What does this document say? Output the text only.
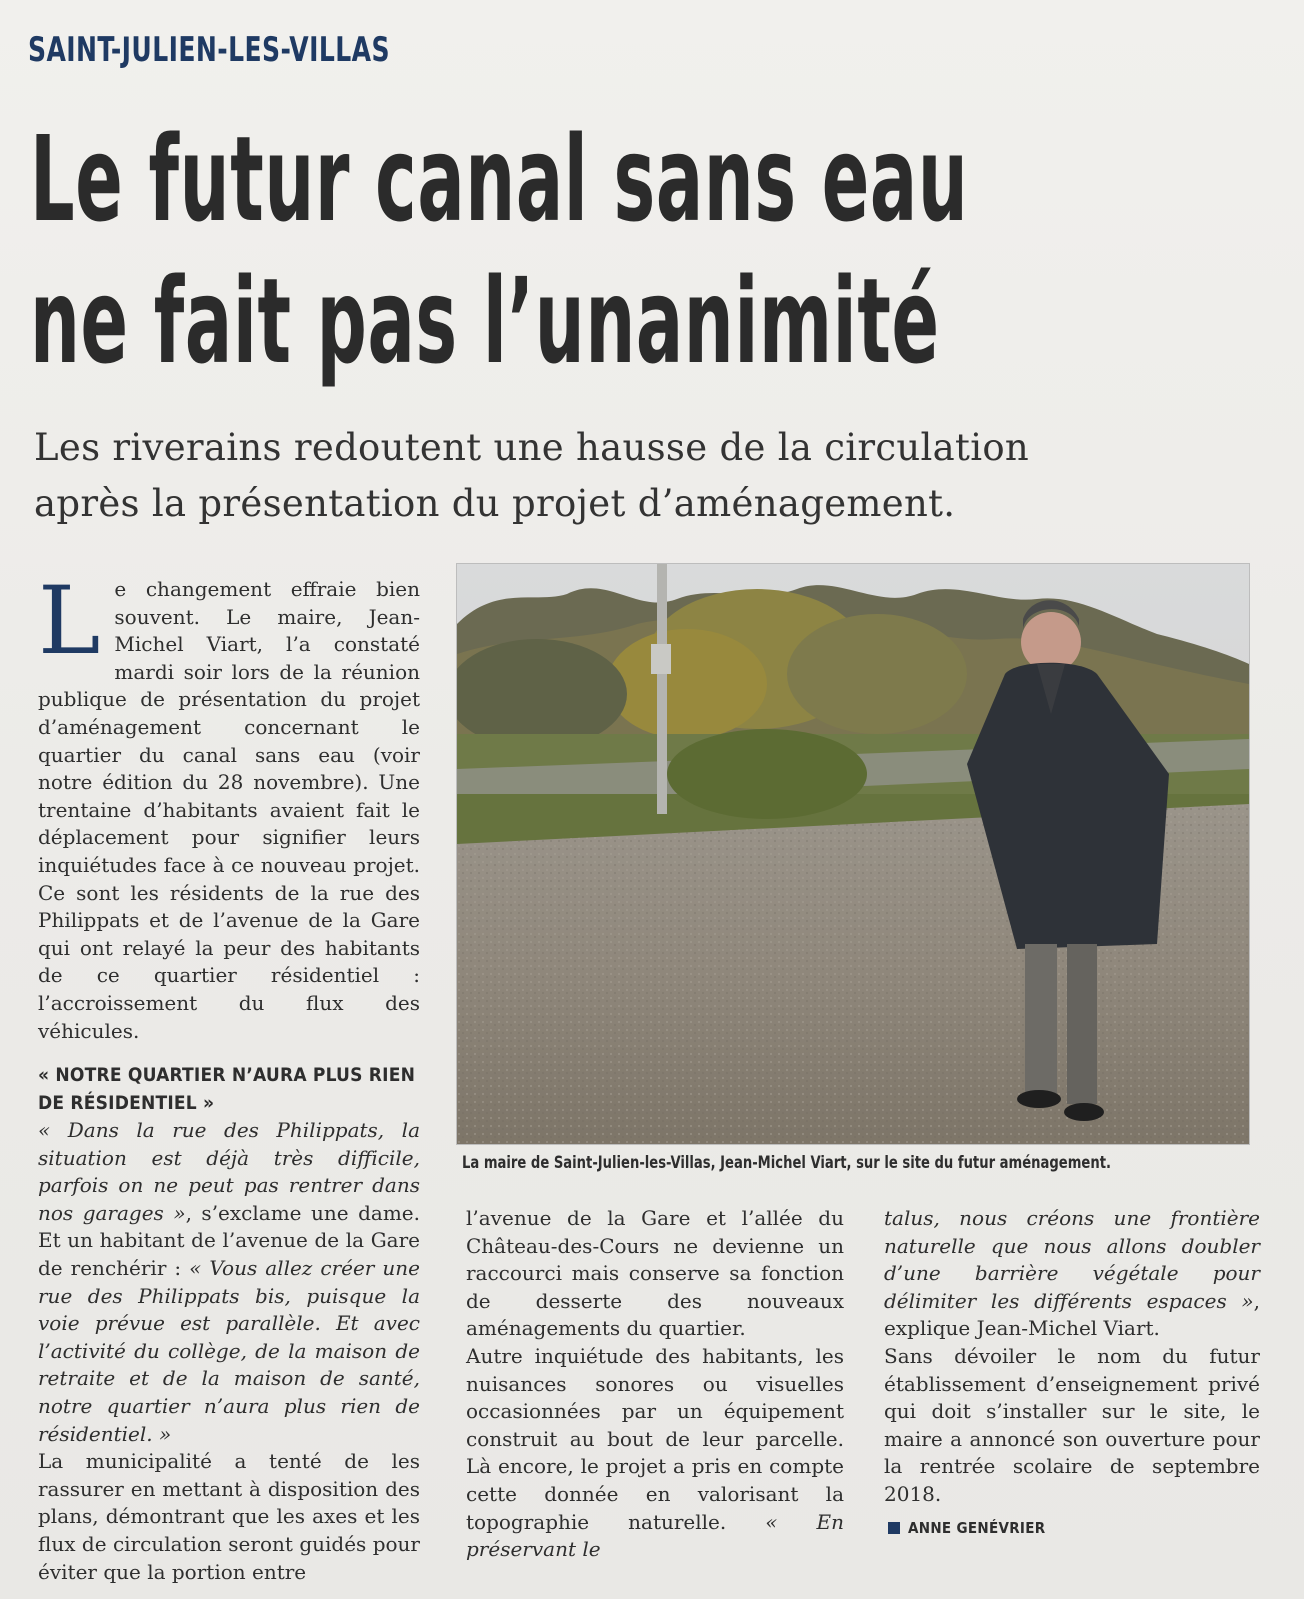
SAINT-JULIEN-LES-VILLAS
Le futur canal sans eau
ne fait pas l’unanimité
Les riverains redoutent une hausse de la circulation
après la présentation du projet d’aménagement.

Le changement effraie bien souvent. Le maire, Jean-Michel Viart, l’a constaté mardi soir lors de la réunion publique de présentation du projet d’aménagement concernant le quartier du canal sans eau (voir notre édition du 28 novembre). Une trentaine d’habitants avaient fait le déplacement pour signifier leurs inquiétudes face à ce nouveau projet. Ce sont les résidents de la rue des Philippats et de l’avenue de la Gare qui ont relayé la peur des habitants de ce quartier résidentiel : l’accroissement du flux des véhicules.

« NOTRE QUARTIER N’AURA PLUS RIEN
DE RÉSIDENTIEL »

« Dans la rue des Philippats, la situation est déjà très difficile, parfois on ne peut pas rentrer dans nos garages », s’exclame une dame. Et un habitant de l’avenue de la Gare de renchérir : « Vous allez créer une rue des Philippats bis, puisque la voie prévue est parallèle. Et avec l’activité du collège, de la maison de retraite et de la maison de santé, notre quartier n’aura plus rien de résidentiel. »

La municipalité a tenté de les rassurer en mettant à disposition des plans, démontrant que les axes et les flux de circulation seront guidés pour éviter que la portion entre

La maire de Saint-Julien-les-Villas, Jean-Michel Viart, sur le site du futur aménagement.

l’avenue de la Gare et l’allée du Château-des-Cours ne devienne un raccourci mais conserve sa fonction de desserte des nouveaux aménagements du quartier.

Autre inquiétude des habitants, les nuisances sonores ou visuelles occasionnées par un équipement construit au bout de leur parcelle. Là encore, le projet a pris en compte cette donnée en valorisant la topographie naturelle. « En préservant le

talus, nous créons une frontière naturelle que nous allons doubler d’une barrière végétale pour délimiter les différents espaces », explique Jean-Michel Viart.

Sans dévoiler le nom du futur établissement d’enseignement privé qui doit s’installer sur le site, le maire a annoncé son ouverture pour la rentrée scolaire de septembre 2018.

ANNE GENÉVRIER
